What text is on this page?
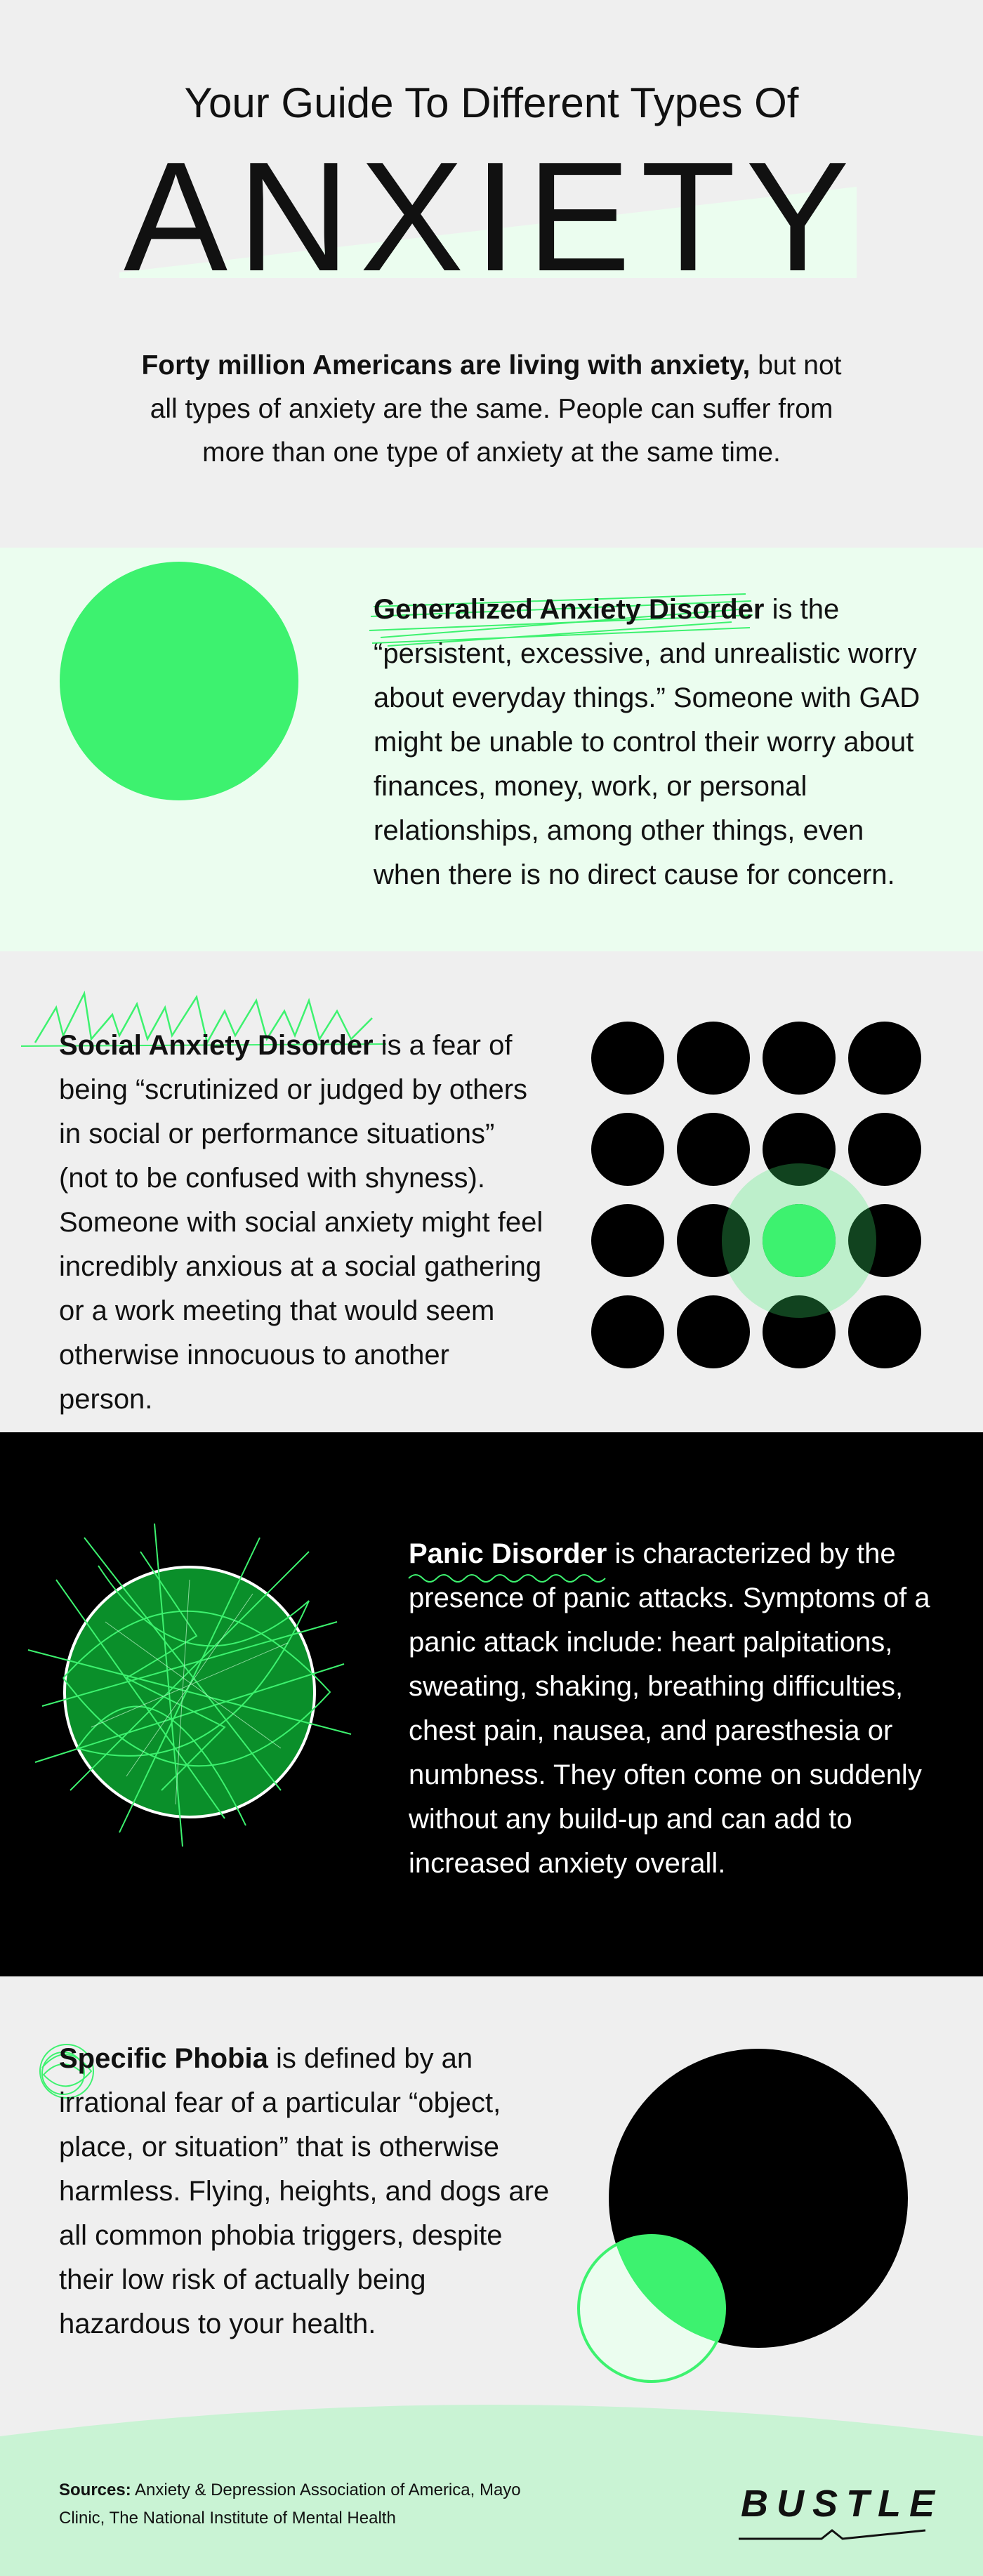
Your Guide To Different Types Of
ANXIETY
Forty million Americans are living with anxiety, but not all types of anxiety are the same. People can suffer from more than one type of anxiety at the same time.
Generalized Anxiety Disorder is the “persistent, excessive, and unrealistic worry about everyday things.” Someone with GAD might be unable to control their worry about finances, money, work, or personal relationships, among other things, even when there is no direct cause for concern.
Social Anxiety Disorder is a fear of being “scrutinized or judged by others in social or performance situations” (not to be confused with shyness). Someone with social anxiety might feel incredibly anxious at a social gathering or a work meeting that would seem otherwise innocuous to another person.
Panic Disorder is characterized by the presence of panic attacks. Symptoms of a panic attack include: heart palpitations, sweating, shaking, breathing difficulties, chest pain, nausea, and paresthesia or numbness. They often come on suddenly without any build-up and can add to increased anxiety overall.
Specific Phobia is defined by an irrational fear of a particular “object, place, or situation” that is otherwise harmless. Flying, heights, and dogs are all common phobia triggers, despite their low risk of actually being hazardous to your health.
Sources: Anxiety & Depression Association of America, Mayo Clinic, The National Institute of Mental Health	BUSTLE
